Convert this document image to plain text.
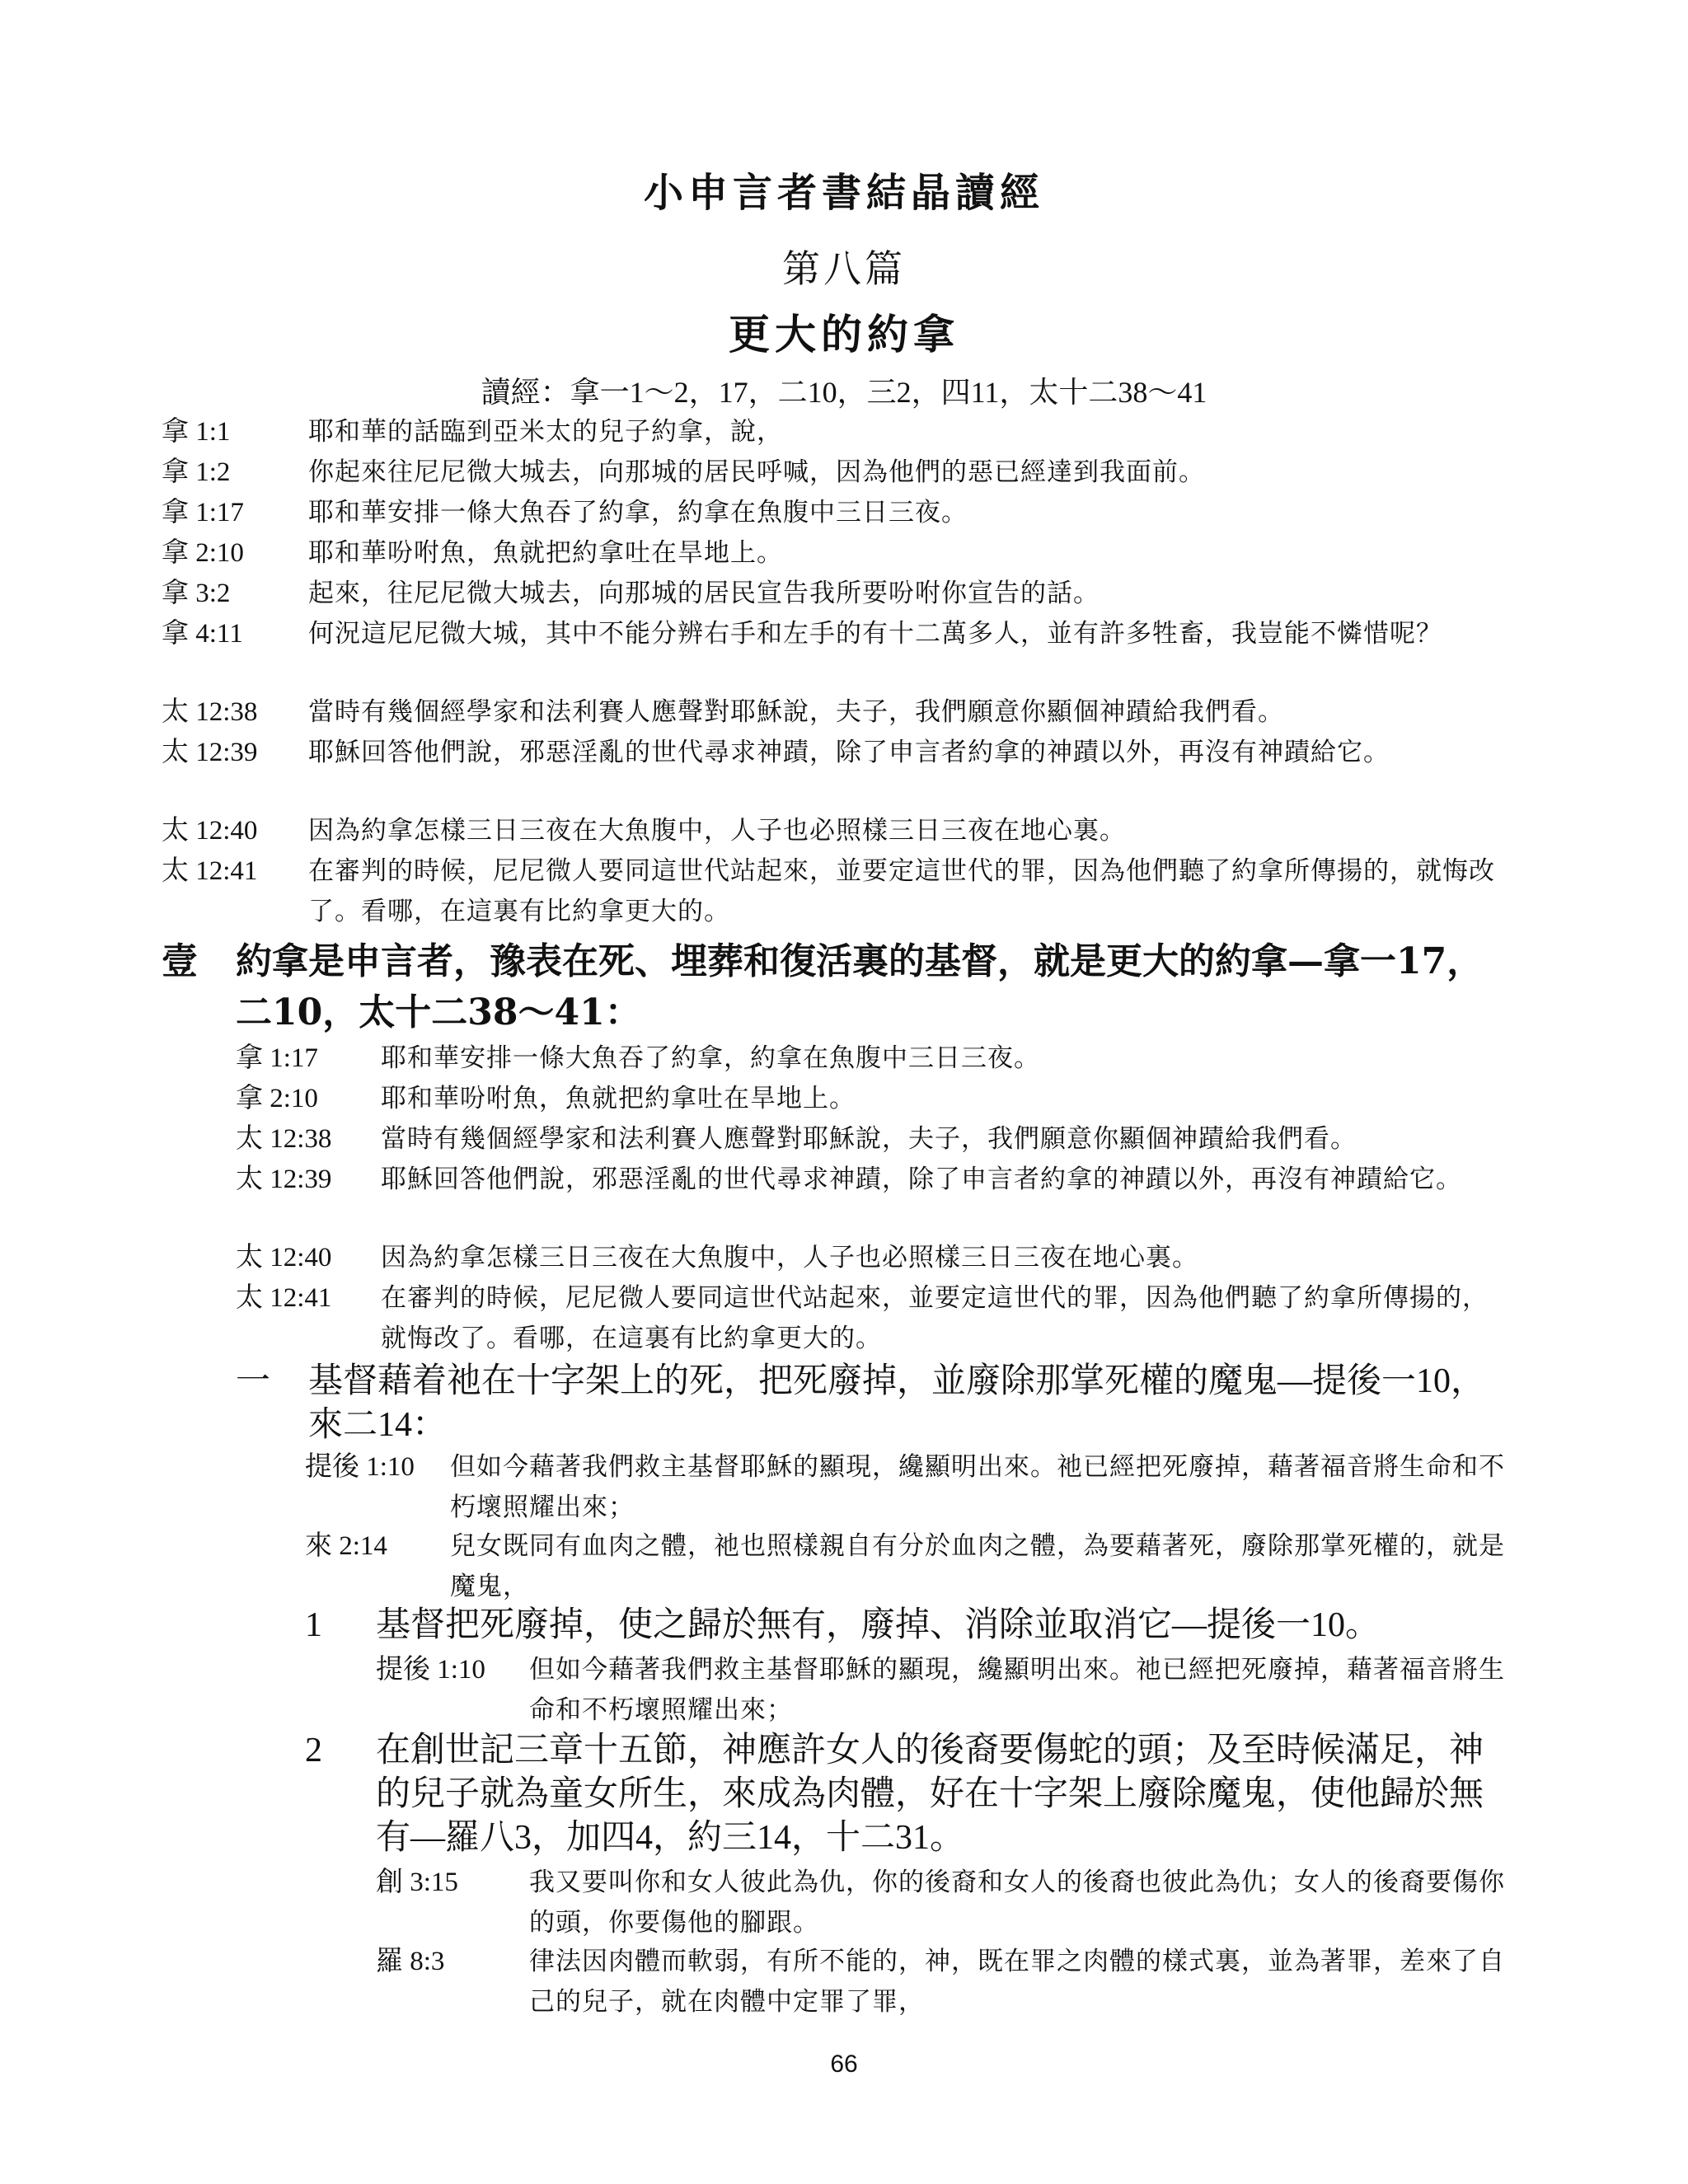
小申言者書結晶讀經
第八篇
更大的約拿
讀經：拿一1～2，17，二10，三2，四11，太十二38～41
拿 1:1	耶和華的話臨到亞米太的兒子約拿，說，
拿 1:2	你起來往尼尼微大城去，向那城的居民呼喊，因為他們的惡已經達到我面前。
拿 1:17	耶和華安排一條大魚吞了約拿，約拿在魚腹中三日三夜。
拿 2:10	耶和華吩咐魚，魚就把約拿吐在旱地上。
拿 3:2	起來，往尼尼微大城去，向那城的居民宣告我所要吩咐你宣告的話。
拿 4:11	何況這尼尼微大城，其中不能分辨右手和左手的有十二萬多人，並有許多牲畜，我豈能不憐惜呢？
太 12:38	當時有幾個經學家和法利賽人應聲對耶穌說，夫子，我們願意你顯個神蹟給我們看。
太 12:39	耶穌回答他們說，邪惡淫亂的世代尋求神蹟，除了申言者約拿的神蹟以外，再沒有神蹟給它。
太 12:40	因為約拿怎樣三日三夜在大魚腹中，人子也必照樣三日三夜在地心裏。
太 12:41	在審判的時候，尼尼微人要同這世代站起來，並要定這世代的罪，因為他們聽了約拿所傳揚的，就悔改了。看哪，在這裏有比約拿更大的。
壹	約拿是申言者，豫表在死、埋葬和復活裏的基督，就是更大的約拿—拿一17，二10，太十二38～41：
拿 1:17	耶和華安排一條大魚吞了約拿，約拿在魚腹中三日三夜。
拿 2:10	耶和華吩咐魚，魚就把約拿吐在旱地上。
太 12:38	當時有幾個經學家和法利賽人應聲對耶穌說，夫子，我們願意你顯個神蹟給我們看。
太 12:39	耶穌回答他們說，邪惡淫亂的世代尋求神蹟，除了申言者約拿的神蹟以外，再沒有神蹟給它。
太 12:40	因為約拿怎樣三日三夜在大魚腹中，人子也必照樣三日三夜在地心裏。
太 12:41	在審判的時候，尼尼微人要同這世代站起來，並要定這世代的罪，因為他們聽了約拿所傳揚的，就悔改了。看哪，在這裏有比約拿更大的。
一	基督藉着祂在十字架上的死，把死廢掉，並廢除那掌死權的魔鬼—提後一10，來二14：
提後 1:10	但如今藉著我們救主基督耶穌的顯現，纔顯明出來。祂已經把死廢掉，藉著福音將生命和不朽壞照耀出來；
來 2:14	兒女既同有血肉之體，祂也照樣親自有分於血肉之體，為要藉著死，廢除那掌死權的，就是魔鬼，
1	基督把死廢掉，使之歸於無有，廢掉、消除並取消它—提後一10。
提後 1:10	但如今藉著我們救主基督耶穌的顯現，纔顯明出來。祂已經把死廢掉，藉著福音將生命和不朽壞照耀出來；
2	在創世記三章十五節，神應許女人的後裔要傷蛇的頭；及至時候滿足，神的兒子就為童女所生，來成為肉體，好在十字架上廢除魔鬼，使他歸於無有—羅八3，加四4，約三14，十二31。
創 3:15	我又要叫你和女人彼此為仇，你的後裔和女人的後裔也彼此為仇；女人的後裔要傷你的頭，你要傷他的腳跟。
羅 8:3	律法因肉體而軟弱，有所不能的，神，既在罪之肉體的樣式裏，並為著罪，差來了自己的兒子，就在肉體中定罪了罪，
66
